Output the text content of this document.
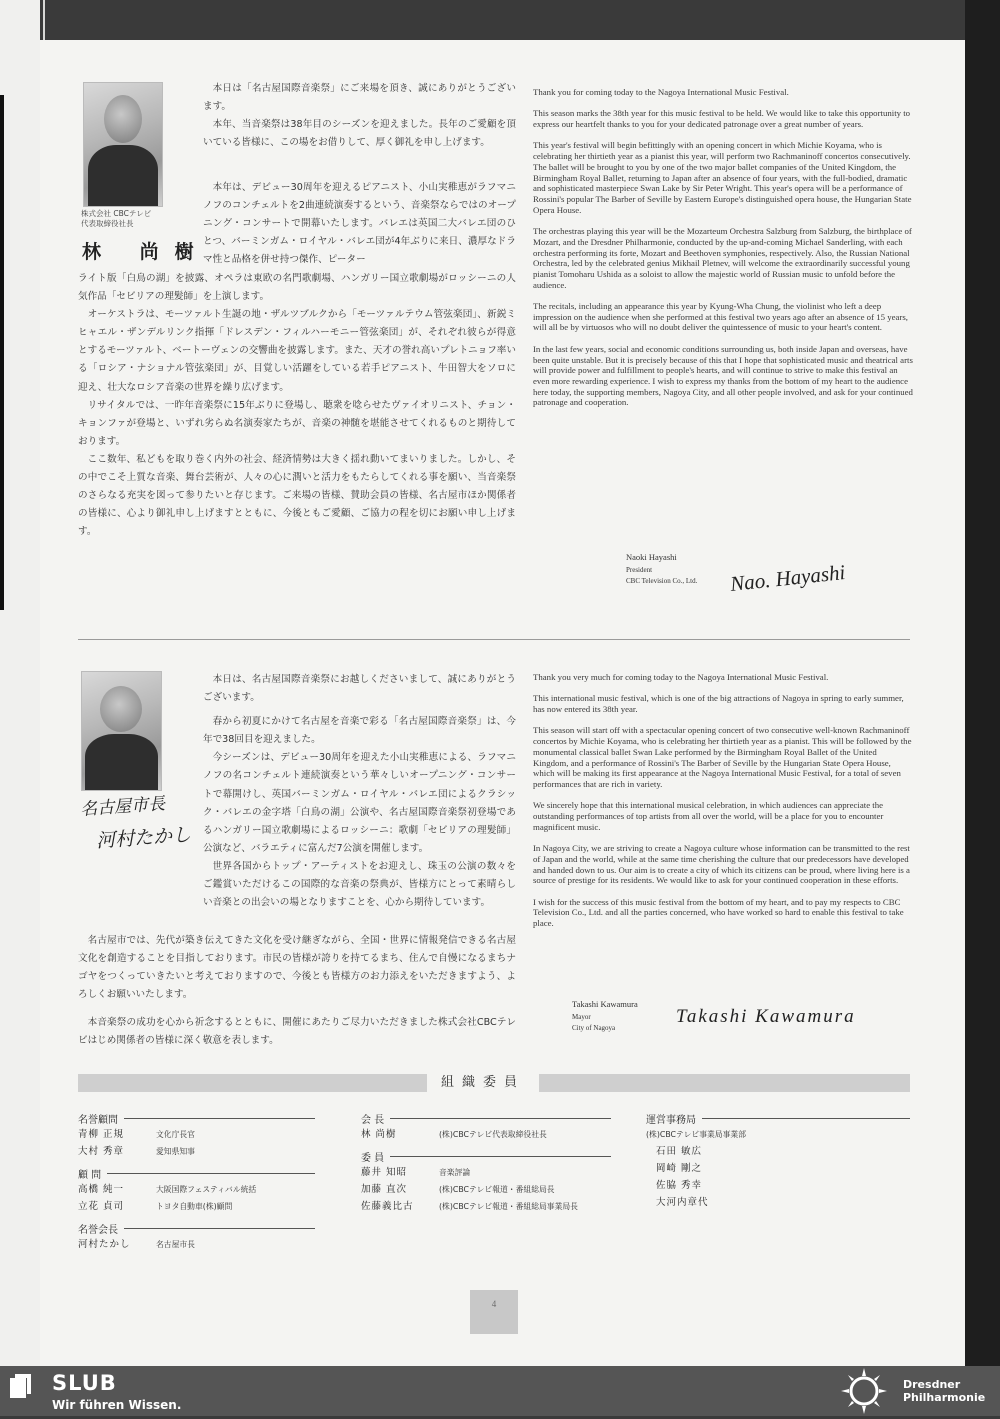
株式会社 CBCテレビ
代表取締役社長
林 尚樹

本日は「名古屋国際音楽祭」にご来場を頂き、誠にありがとうございます。

本年、当音楽祭は38年目のシーズンを迎えました。長年のご愛顧を頂いている皆様に、この場をお借りして、厚く御礼を申し上げます。

本年は、デビュー30周年を迎えるピアニスト、小山実稚恵がラフマニノフのコンチェルトを2曲連続演奏するという、音楽祭ならではのオープニング・コンサートで開幕いたします。バレエは英国二大バレエ団のひとつ、バーミンガム・ロイヤル・バレエ団が4年ぶりに来日、濃厚なドラマ性と品格を併せ持つ傑作、ピーター

ライト版「白鳥の湖」を披露、オペラは東欧の名門歌劇場、ハンガリー国立歌劇場がロッシーニの人気作品「セビリアの理髪師」を上演します。

オーケストラは、モーツァルト生誕の地・ザルツブルクから「モーツァルテウム管弦楽団」、新鋭ミヒャエル・ザンデルリンク指揮「ドレスデン・フィルハーモニー管弦楽団」が、それぞれ彼らが得意とするモーツァルト、ベートーヴェンの交響曲を披露します。また、天才の誉れ高いプレトニョフ率いる「ロシア・ナショナル管弦楽団」が、目覚しい活躍をしている若手ピアニスト、牛田智大をソロに迎え、壮大なロシア音楽の世界を繰り広げます。

リサイタルでは、一昨年音楽祭に15年ぶりに登場し、聴衆を唸らせたヴァイオリニスト、チョン・キョンファが登場と、いずれ劣らぬ名演奏家たちが、音楽の神髄を堪能させてくれるものと期待しております。

ここ数年、私どもを取り巻く内外の社会、経済情勢は大きく揺れ動いてまいりました。しかし、その中でこそ上質な音楽、舞台芸術が、人々の心に潤いと活力をもたらしてくれる事を願い、当音楽祭のさらなる充実を図って参りたいと存じます。ご来場の皆様、賛助会員の皆様、名古屋市ほか関係者の皆様に、心より御礼申し上げますとともに、今後ともご愛顧、ご協力の程を切にお願い申し上げます。

Thank you for coming today to the Nagoya International Music Festival.

This season marks the 38th year for this music festival to be held. We would like to take this opportunity to express our heartfelt thanks to you for your dedicated patronage over a great number of years.

This year's festival will begin befittingly with an opening concert in which Michie Koyama, who is celebrating her thirtieth year as a pianist this year, will perform two Rachmaninoff concertos consecutively. The ballet will be brought to you by one of the two major ballet companies of the United Kingdom, the Birmingham Royal Ballet, returning to Japan after an absence of four years, with the full-bodied, dramatic and sophisticated masterpiece Swan Lake by Sir Peter Wright. This year's opera will be a performance of Rossini's popular The Barber of Seville by Eastern Europe's distinguished opera house, the Hungarian State Opera House.

The orchestras playing this year will be the Mozarteum Orchestra Salzburg from Salzburg, the birthplace of Mozart, and the Dresdner Philharmonie, conducted by the up-and-coming Michael Sanderling, with each orchestra performing its forte, Mozart and Beethoven symphonies, respectively. Also, the Russian National Orchestra, led by the celebrated genius Mikhail Pletnev, will welcome the extraordinarily successful young pianist Tomoharu Ushida as a soloist to allow the majestic world of Russian music to unfold before the audience.

The recitals, including an appearance this year by Kyung-Wha Chung, the violinist who left a deep impression on the audience when she performed at this festival two years ago after an absence of 15 years, will all be by virtuosos who will no doubt deliver the quintessence of music to your heart's content.

In the last few years, social and economic conditions surrounding us, both inside Japan and overseas, have been quite unstable. But it is precisely because of this that I hope that sophisticated music and theatrical arts will provide power and fulfillment to people's hearts, and will continue to strive to make this festival an even more rewarding experience. I wish to express my thanks from the bottom of my heart to the audience here today, the supporting members, Nagoya City, and all other people involved, and ask for your continued patronage and cooperation.

Naoki Hayashi
President
CBC Television Co., Ltd. Nao. Hayashi
名古屋市長
河村たかし

本日は、名古屋国際音楽祭にお越しくださいまして、誠にありがとうございます。

春から初夏にかけて名古屋を音楽で彩る「名古屋国際音楽祭」は、今年で38回目を迎えました。

今シーズンは、デビュー30周年を迎えた小山実稚恵による、ラフマニノフの名コンチェルト連続演奏という華々しいオープニング・コンサートで幕開けし、英国バーミンガム・ロイヤル・バレエ団によるクラシック・バレエの金字塔「白鳥の湖」公演や、名古屋国際音楽祭初登場であるハンガリー国立歌劇場によるロッシーニ：歌劇「セビリアの理髪師」公演など、バラエティに富んだ7公演を開催します。

世界各国からトップ・アーティストをお迎えし、珠玉の公演の数々をご鑑賞いただけるこの国際的な音楽の祭典が、皆様方にとって素晴らしい音楽との出会いの場となりますことを、心から期待しています。

名古屋市では、先代が築き伝えてきた文化を受け継ぎながら、全国・世界に情報発信できる名古屋文化を創造することを目指しております。市民の皆様が誇りを持てるまち、住んで自慢になるまちナゴヤをつくっていきたいと考えておりますので、今後とも皆様方のお力添えをいただきますよう、よろしくお願いいたします。

本音楽祭の成功を心から祈念するとともに、開催にあたりご尽力いただきました株式会社CBCテレビはじめ関係者の皆様に深く敬意を表します。

Thank you very much for coming today to the Nagoya International Music Festival.

This international music festival, which is one of the big attractions of Nagoya in spring to early summer, has now entered its 38th year.

This season will start off with a spectacular opening concert of two consecutive well-known Rachmaninoff concertos by Michie Koyama, who is celebrating her thirtieth year as a pianist. This will be followed by the monumental classical ballet Swan Lake performed by the Birmingham Royal Ballet of the United Kingdom, and a performance of Rossini's The Barber of Seville by the Hungarian State Opera House, which will be making its first appearance at the Nagoya International Music Festival, for a total of seven performances that are rich in variety.

We sincerely hope that this international musical celebration, in which audiences can appreciate the outstanding performances of top artists from all over the world, will be a place for you to encounter magnificent music.

In Nagoya City, we are striving to create a Nagoya culture whose information can be transmitted to the rest of Japan and the world, while at the same time cherishing the culture that our predecessors have developed and handed down to us. Our aim is to create a city of which its citizens can be proud, where living here is a source of prestige for its residents. We would like to ask for your continued cooperation in these efforts.

I wish for the success of this music festival from the bottom of my heart, and to pay my respects to CBC Television Co., Ltd. and all the parties concerned, who have worked so hard to enable this festival to take place.

Takashi Kawamura
Mayor
City of Nagoya
Takashi Kawamura
組織委員
名誉顧問
青柳 正規	文化庁長官
大村 秀章	愛知県知事
顧 問
高橋 純一	大阪国際フェスティバル統括
立花 貞司	トヨタ自動車(株)顧問
名誉会長
河村たかし	名古屋市長
会 長
林 尚樹	(株)CBCテレビ代表取締役社長
委 員
藤井 知昭	音楽評論
加藤 直次	(株)CBCテレビ報道・番組総局長
佐藤義比古	(株)CBCテレビ報道・番組総局事業局長
運営事務局
(株)CBCテレビ事業局事業部
石田 敏広
岡崎 剛之
佐脇 秀幸
大河内章代
4
SLUB
Wir führen Wissen.
Dresdner
Philharmonie
